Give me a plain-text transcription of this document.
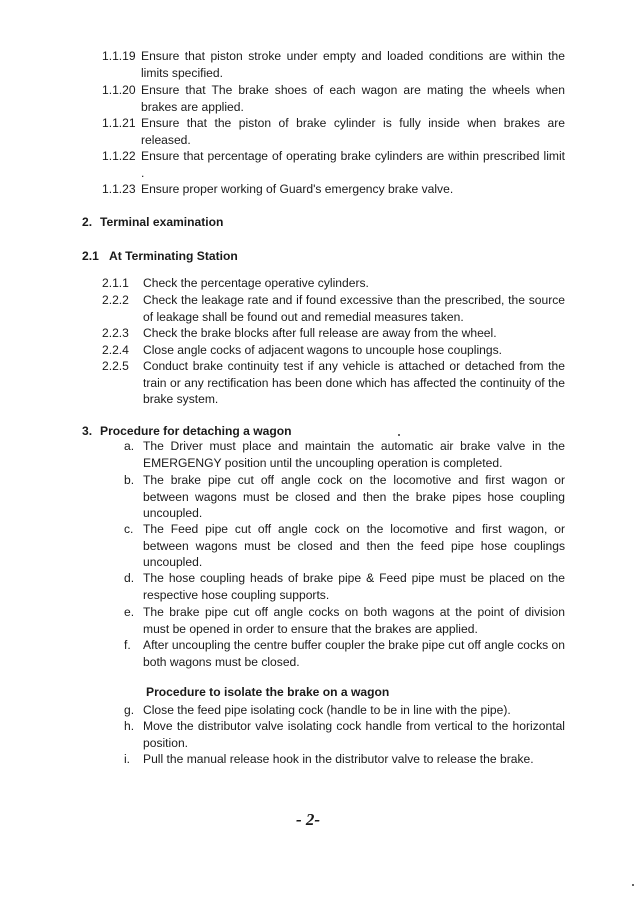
1.1.19 Ensure that piston stroke under empty and loaded conditions are within the limits specified.
1.1.20 Ensure that The brake shoes of each wagon are mating the wheels when brakes are applied.
1.1.21 Ensure that the piston of brake cylinder is fully inside when brakes are released.
1.1.22 Ensure that percentage of operating brake cylinders are within prescribed limit .
1.1.23 Ensure proper working of Guard's emergency brake valve.
2. Terminal examination
2.1 At Terminating Station
2.1.1 Check the percentage operative cylinders.
2.2.2 Check the leakage rate and if found excessive than the prescribed, the source of leakage shall be found out and remedial measures taken.
2.2.3 Check the brake blocks after full release are away from the wheel.
2.2.4 Close angle cocks of adjacent wagons to uncouple hose couplings.
2.2.5 Conduct brake continuity test if any vehicle is attached or detached from the train or any rectification has been done which has affected the continuity of the brake system.
3. Procedure for detaching a wagon
a. The Driver must place and maintain the automatic air brake valve in the EMERGENGY position until the uncoupling operation is completed.
b. The brake pipe cut off angle cock on the locomotive and first wagon or between wagons must be closed and then the brake pipes hose coupling uncoupled.
c. The Feed pipe cut off angle cock on the locomotive and first wagon, or between wagons must be closed and then the feed pipe hose couplings uncoupled.
d. The hose coupling heads of brake pipe & Feed pipe must be placed on the respective hose coupling supports.
e. The brake pipe cut off angle cocks on both wagons at the point of division must be opened in order to ensure that the brakes are applied.
f. After uncoupling the centre buffer coupler the brake pipe cut off angle cocks on both wagons must be closed.
Procedure to isolate the brake on a wagon
g. Close the feed pipe isolating cock (handle to be in line with the pipe).
h. Move the distributor valve isolating cock handle from vertical to the horizontal position.
i. Pull the manual release hook in the distributor valve to release the brake.
- 2-
